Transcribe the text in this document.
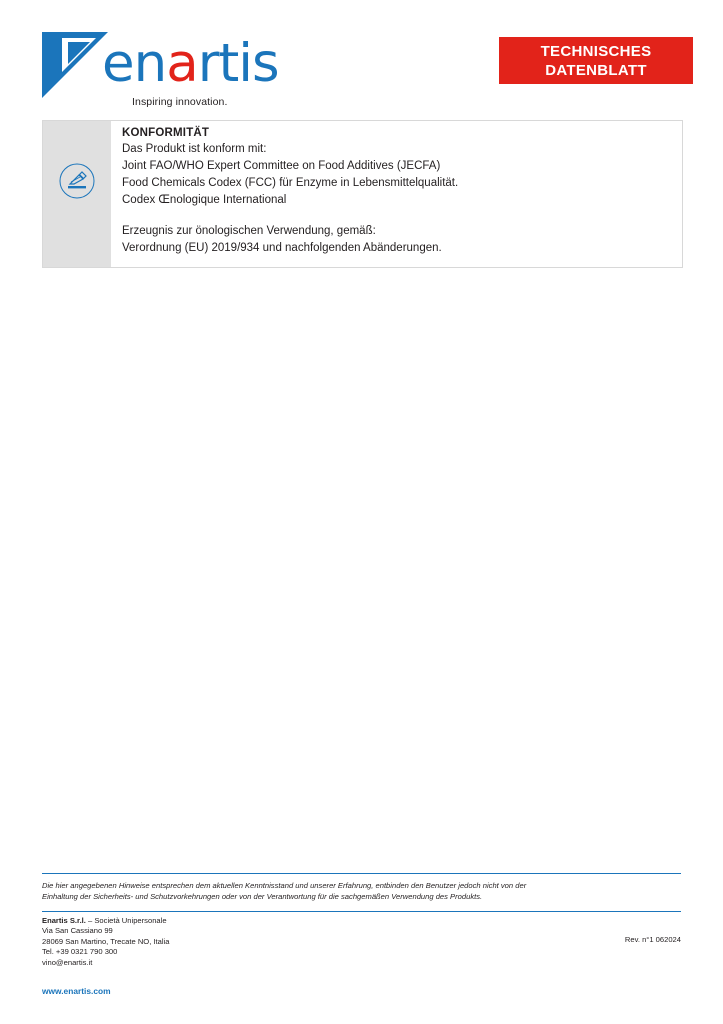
enartis
Inspiring innovation.
TECHNISCHES
DATENBLATT
KONFORMITÄT
Das Produkt ist konform mit:
Joint FAO/WHO Expert Committee on Food Additives (JECFA)
Food Chemicals Codex (FCC) für Enzyme in Lebensmittelqualität.
Codex Œnologique International
Erzeugnis zur önologischen Verwendung, gemäß:
Verordnung (EU) 2019/934 und nachfolgenden Abänderungen.
Die hier angegebenen Hinweise entsprechen dem aktuellen Kenntnisstand und unserer Erfahrung, entbinden den Benutzer jedoch nicht von der
Einhaltung der Sicherheits- und Schutzvorkehrungen oder von der Verantwortung für die sachgemäßen Verwendung des Produkts.
Enartis S.r.l. – Società Unipersonale
Via San Cassiano 99
28069 San Martino, Trecate NO, Italia
Tel. +39 0321 790 300
vino@enartis.it
Rev. n°1 062024
www.enartis.com
